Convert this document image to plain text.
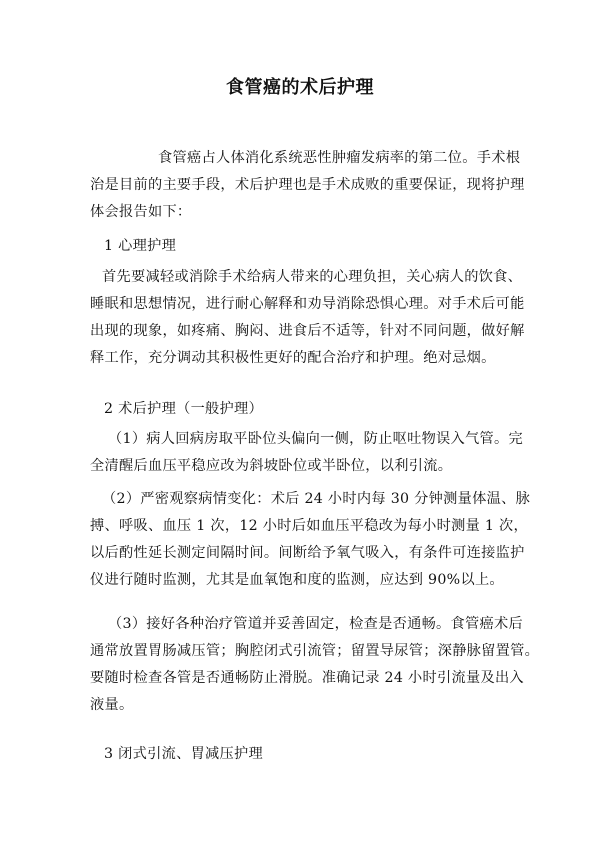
食管癌的术后护理
食管癌占人体消化系统恶性肿瘤发病率的第二位。手术根
治是目前的主要手段，术后护理也是手术成败的重要保证，现将护理
体会报告如下：
1 心理护理
首先要减轻或消除手术给病人带来的心理负担，关心病人的饮食、
睡眠和思想情况，进行耐心解释和劝导消除恐惧心理。对手术后可能
出现的现象，如疼痛、胸闷、进食后不适等，针对不同问题，做好解
释工作，充分调动其积极性更好的配合治疗和护理。绝对忌烟。
2 术后护理（一般护理）
（1）病人回病房取平卧位头偏向一侧，防止呕吐物误入气管。完
全清醒后血压平稳应改为斜坡卧位或半卧位，以利引流。
（2）严密观察病情变化：术后 24 小时内每 30 分钟测量体温、脉
搏、呼吸、血压 1 次，12 小时后如血压平稳改为每小时测量 1 次，
以后酌性延长测定间隔时间。间断给予氧气吸入，有条件可连接监护
仪进行随时监测，尤其是血氧饱和度的监测，应达到 90%以上。
（3）接好各种治疗管道并妥善固定，检查是否通畅。食管癌术后
通常放置胃肠减压管；胸腔闭式引流管；留置导尿管；深静脉留置管。
要随时检查各管是否通畅防止滑脱。准确记录 24 小时引流量及出入
液量。
3 闭式引流、胃减压护理
